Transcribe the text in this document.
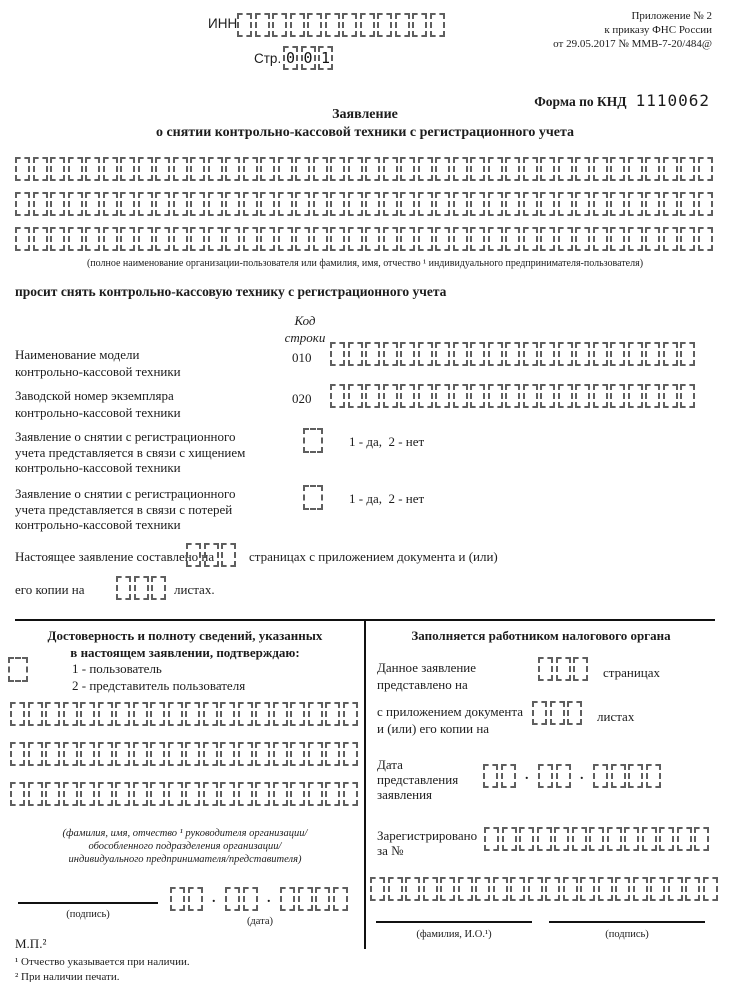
ИНН	Приложение № 2
к приказу ФНС России
от 29.05.2017 № ММВ-7-20/484@
Стр. 0 0 1
Форма по КНД 1110062
Заявление
о снятии контрольно-кассовой техники с регистрационного учета
(полное наименование организации-пользователя или фамилия, имя, отчество ¹ индивидуального предпринимателя-пользователя)
просит снять контрольно-кассовую технику с регистрационного учета
Код
строки
Наименование модели
контрольно-кассовой техники
010
Заводской номер экземпляра
контрольно-кассовой техники
020
Заявление о снятии с регистрационного
учета представляется в связи с хищением
контрольно-кассовой техники
1 - да,  2 - нет
Заявление о снятии с регистрационного
учета представляется в связи с потерей
контрольно-кассовой техники
1 - да,  2 - нет
Настоящее заявление составлено на	страницах с приложением документа и (или)
его копии на	листах.
Достоверность и полноту сведений, указанных
в настоящем заявлении, подтверждаю:
1 - пользователь
2 - представитель пользователя
(фамилия, имя, отчество ¹ руководителя организации/
обособленного подразделения организации/
индивидуального предпринимателя/представителя)
(подпись)
.	.
(дата)
М.П.²
¹ Отчество указывается при наличии.
² При наличии печати.
Заполняется работником налогового органа
Данное заявление
представлено на
страницах
с приложением документа
и (или) его копии на
листах
Дата
представления
заявления
.	.
Зарегистрировано
за №
(фамилия, И.О.¹)	(подпись)
